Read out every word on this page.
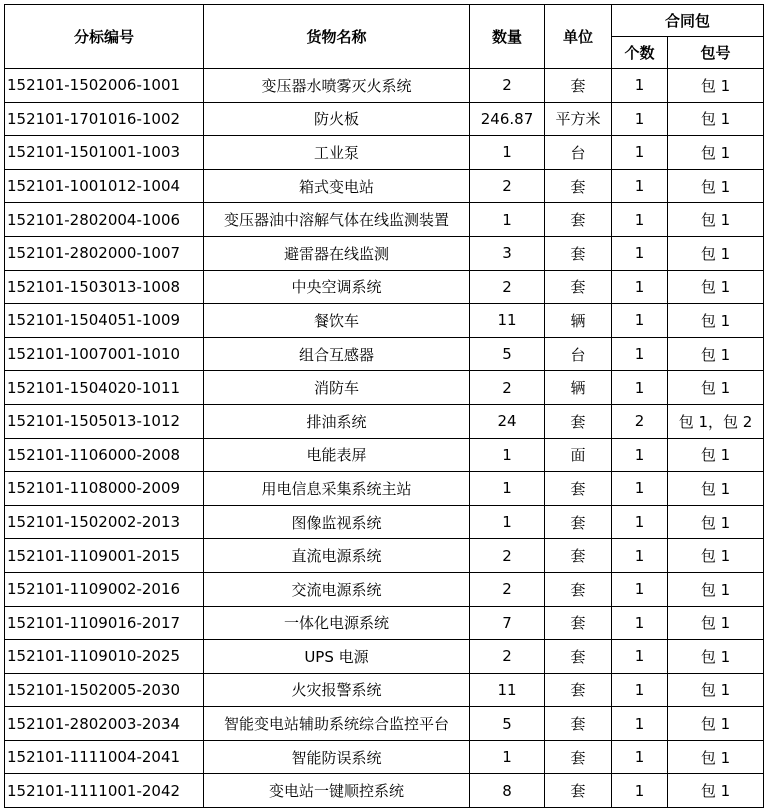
分标编号	货物名称	数量	单位	合同包	
				个数	包号
152101-1502006-1001	变压器水喷雾灭火系统	2	套	1	包 1
152101-1701016-1002	防火板	246.87	平方米	1	包 1
152101-1501001-1003	工业泵	1	台	1	包 1
152101-1001012-1004	箱式变电站	2	套	1	包 1
152101-2802004-1006	变压器油中溶解气体在线监测装置	1	套	1	包 1
152101-2802000-1007	避雷器在线监测	3	套	1	包 1
152101-1503013-1008	中央空调系统	2	套	1	包 1
152101-1504051-1009	餐饮车	11	辆	1	包 1
152101-1007001-1010	组合互感器	5	台	1	包 1
152101-1504020-1011	消防车	2	辆	1	包 1
152101-1505013-1012	排油系统	24	套	2	包 1，包 2
152101-1106000-2008	电能表屏	1	面	1	包 1
152101-1108000-2009	用电信息采集系统主站	1	套	1	包 1
152101-1502002-2013	图像监视系统	1	套	1	包 1
152101-1109001-2015	直流电源系统	2	套	1	包 1
152101-1109002-2016	交流电源系统	2	套	1	包 1
152101-1109016-2017	一体化电源系统	7	套	1	包 1
152101-1109010-2025	UPS 电源	2	套	1	包 1
152101-1502005-2030	火灾报警系统	11	套	1	包 1
152101-2802003-2034	智能变电站辅助系统综合监控平台	5	套	1	包 1
152101-1111004-2041	智能防误系统	1	套	1	包 1
152101-1111001-2042	变电站一键顺控系统	8	套	1	包 1
